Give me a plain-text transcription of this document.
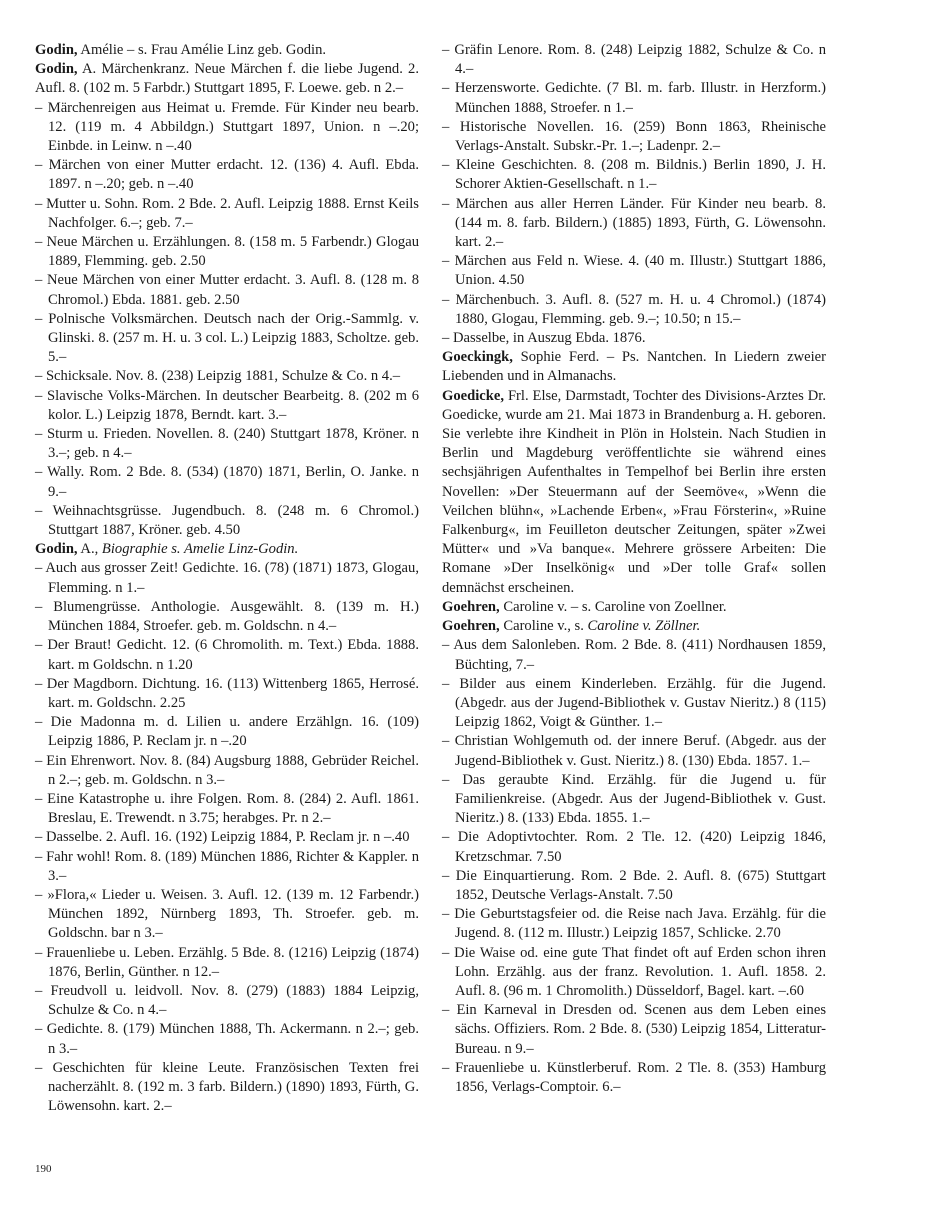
Godin, Amélie – s. Frau Amélie Linz geb. Godin.

Godin, A. Märchenkranz. Neue Märchen f. die liebe Jugend. 2. Aufl. 8. (102 m. 5 Farbdr.) Stuttgart 1895, F. Loewe. geb. n 2.–

– Märchenreigen aus Heimat u. Fremde. Für Kinder neu bearb. 12. (119 m. 4 Abbildgn.) Stuttgart 1897, Union. n –.20; Einbde. in Leinw. n –.40

– Märchen von einer Mutter erdacht. 12. (136) 4. Aufl. Ebda. 1897. n –.20; geb. n –.40

– Mutter u. Sohn. Rom. 2 Bde. 2. Aufl. Leipzig 1888. Ernst Keils Nachfolger. 6.–; geb. 7.–

– Neue Märchen u. Erzählungen. 8. (158 m. 5 Farbendr.) Glogau 1889, Flemming. geb. 2.50

– Neue Märchen von einer Mutter erdacht. 3. Aufl. 8. (128 m. 8 Chromol.) Ebda. 1881. geb. 2.50

– Polnische Volksmärchen. Deutsch nach der Orig.-Sammlg. v. Glinski. 8. (257 m. H. u. 3 col. L.) Leipzig 1883, Scholtze. geb. 5.–

– Schicksale. Nov. 8. (238) Leipzig 1881, Schulze & Co. n 4.–

– Slavische Volks-Märchen. In deutscher Bearbeitg. 8. (202 m 6 kolor. L.) Leipzig 1878, Berndt. kart. 3.–

– Sturm u. Frieden. Novellen. 8. (240) Stuttgart 1878, Kröner. n 3.–; geb. n 4.–

– Wally. Rom. 2 Bde. 8. (534) (1870) 1871, Berlin, O. Janke. n 9.–

– Weihnachtsgrüsse. Jugendbuch. 8. (248 m. 6 Chromol.) Stuttgart 1887, Kröner. geb. 4.50

Godin, A., Biographie s. Amelie Linz-Godin.

– Auch aus grosser Zeit! Gedichte. 16. (78) (1871) 1873, Glogau, Flemming. n 1.–

– Blumengrüsse. Anthologie. Ausgewählt. 8. (139 m. H.) München 1884, Stroefer. geb. m. Goldschn. n 4.–

– Der Braut! Gedicht. 12. (6 Chromolith. m. Text.) Ebda. 1888. kart. m Goldschn. n 1.20

– Der Magdborn. Dichtung. 16. (113) Wittenberg 1865, Herrosé. kart. m. Goldschn. 2.25

– Die Madonna m. d. Lilien u. andere Erzählgn. 16. (109) Leipzig 1886, P. Reclam jr. n –.20

– Ein Ehrenwort. Nov. 8. (84) Augsburg 1888, Gebrüder Reichel. n 2.–; geb. m. Goldschn. n 3.–

– Eine Katastrophe u. ihre Folgen. Rom. 8. (284) 2. Aufl. 1861. Breslau, E. Trewendt. n 3.75; herabges. Pr. n 2.–

– Dasselbe. 2. Aufl. 16. (192) Leipzig 1884, P. Reclam jr. n –.40

– Fahr wohl! Rom. 8. (189) München 1886, Richter & Kappler. n 3.–

– »Flora,« Lieder u. Weisen. 3. Aufl. 12. (139 m. 12 Farbendr.) München 1892, Nürnberg 1893, Th. Stroefer. geb. m. Goldschn. bar n 3.–

– Frauenliebe u. Leben. Erzählg. 5 Bde. 8. (1216) Leipzig (1874) 1876, Berlin, Günther. n 12.–

– Freudvoll u. leidvoll. Nov. 8. (279) (1883) 1884 Leipzig, Schulze & Co. n 4.–

– Gedichte. 8. (179) München 1888, Th. Ackermann. n 2.–; geb. n 3.–

– Geschichten für kleine Leute. Französischen Texten frei nacherzählt. 8. (192 m. 3 farb. Bildern.) (1890) 1893, Fürth, G. Löwensohn. kart. 2.–

– Gräfin Lenore. Rom. 8. (248) Leipzig 1882, Schulze & Co. n 4.–

– Herzensworte. Gedichte. (7 Bl. m. farb. Illustr. in Herzform.) München 1888, Stroefer. n 1.–

– Historische Novellen. 16. (259) Bonn 1863, Rheinische Verlags-Anstalt. Subskr.-Pr. 1.–; Ladenpr. 2.–

– Kleine Geschichten. 8. (208 m. Bildnis.) Berlin 1890, J. H. Schorer Aktien-Gesellschaft. n 1.–

– Märchen aus aller Herren Länder. Für Kinder neu bearb. 8. (144 m. 8. farb. Bildern.) (1885) 1893, Fürth, G. Löwensohn. kart. 2.–

– Märchen aus Feld n. Wiese. 4. (40 m. Illustr.) Stuttgart 1886, Union. 4.50

– Märchenbuch. 3. Aufl. 8. (527 m. H. u. 4 Chromol.) (1874) 1880, Glogau, Flemming. geb. 9.–; 10.50; n 15.–

– Dasselbe, in Auszug Ebda. 1876.

Goeckingk, Sophie Ferd. – Ps. Nantchen. In Liedern zweier Liebenden und in Almanachs.

Goedicke, Frl. Else, Darmstadt, Tochter des Divisions-Arztes Dr. Goedicke, wurde am 21. Mai 1873 in Brandenburg a. H. geboren. Sie verlebte ihre Kindheit in Plön in Holstein. Nach Studien in Berlin und Magdeburg veröffentlichte sie während eines sechsjährigen Aufenthaltes in Tempelhof bei Berlin ihre ersten Novellen: »Der Steuermann auf der Seemöve«, »Wenn die Veilchen blühn«, »Lachende Erben«, »Frau Försterin«, »Ruine Falkenburg«, im Feuilleton deutscher Zeitungen, später »Zwei Mütter« und »Va banque«. Mehrere grössere Arbeiten: Die Romane »Der Inselkönig« und »Der tolle Graf« sollen demnächst erscheinen.

Goehren, Caroline v. – s. Caroline von Zoellner.

Goehren, Caroline v., s. Caroline v. Zöllner.

– Aus dem Salonleben. Rom. 2 Bde. 8. (411) Nordhausen 1859, Büchting, 7.–

– Bilder aus einem Kinderleben. Erzählg. für die Jugend. (Abgedr. aus der Jugend-Bibliothek v. Gustav Nieritz.) 8 (115) Leipzig 1862, Voigt & Günther. 1.–

– Christian Wohlgemuth od. der innere Beruf. (Abgedr. aus der Jugend-Bibliothek v. Gust. Nieritz.) 8. (130) Ebda. 1857. 1.–

– Das geraubte Kind. Erzählg. für die Jugend u. für Familienkreise. (Abgedr. Aus der Jugend-Bibliothek v. Gust. Nieritz.) 8. (133) Ebda. 1855. 1.–

– Die Adoptivtochter. Rom. 2 Tle. 12. (420) Leipzig 1846, Kretzschmar. 7.50

– Die Einquartierung. Rom. 2 Bde. 2. Aufl. 8. (675) Stuttgart 1852, Deutsche Verlags-Anstalt. 7.50

– Die Geburtstagsfeier od. die Reise nach Java. Erzählg. für die Jugend. 8. (112 m. Illustr.) Leipzig 1857, Schlicke. 2.70

– Die Waise od. eine gute That findet oft auf Erden schon ihren Lohn. Erzählg. aus der franz. Revolution. 1. Aufl. 1858. 2. Aufl. 8. (96 m. 1 Chromolith.) Düsseldorf, Bagel. kart. –.60

– Ein Karneval in Dresden od. Scenen aus dem Leben eines sächs. Offiziers. Rom. 2 Bde. 8. (530) Leipzig 1854, Litteratur-Bureau. n 9.–

– Frauenliebe u. Künstlerberuf. Rom. 2 Tle. 8. (353) Hamburg 1856, Verlags-Comptoir. 6.–

190
